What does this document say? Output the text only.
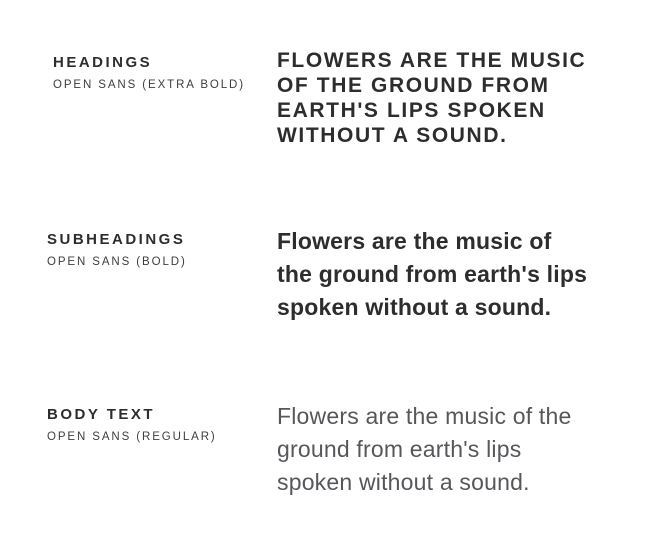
HEADINGS
OPEN SANS (EXTRA BOLD)
FLOWERS ARE THE MUSIC
OF THE GROUND FROM
EARTH'S LIPS SPOKEN
WITHOUT A SOUND.
SUBHEADINGS
OPEN SANS (BOLD)
Flowers are the music of
the ground from earth's lips
spoken without a sound.
BODY TEXT
OPEN SANS (REGULAR)
Flowers are the music of the
ground from earth's lips
spoken without a sound.
